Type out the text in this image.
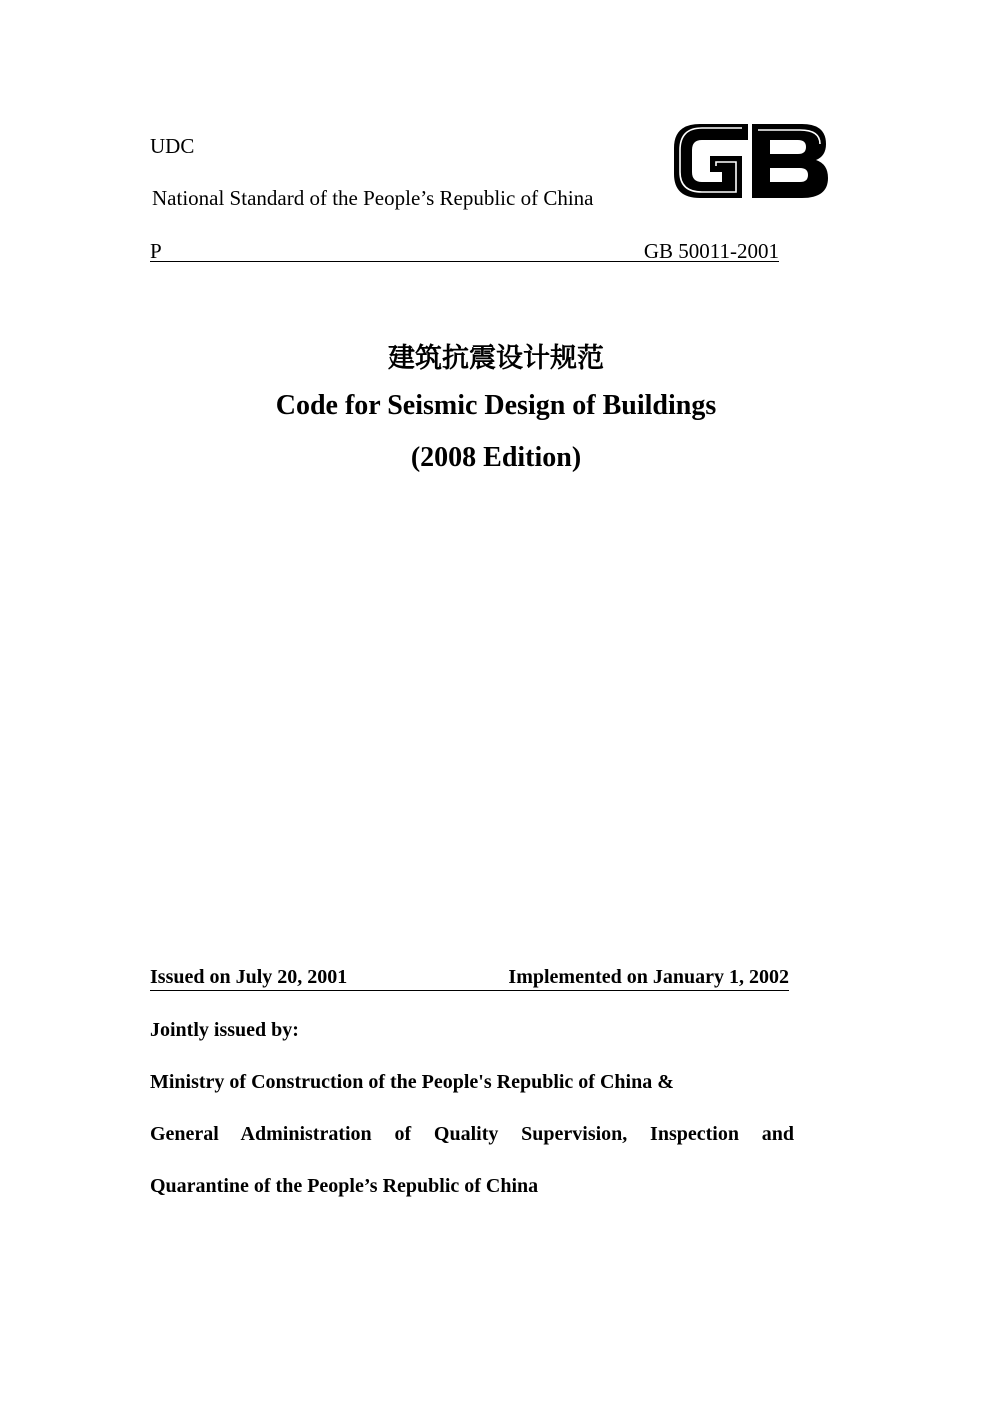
UDC
National Standard of the People’s Republic of China
P	GB 50011-2001
建筑抗震设计规范
Code for Seismic Design of Buildings
(2008 Edition)
Issued on July 20, 2001	Implemented on January 1, 2002
Jointly issued by:
Ministry of Construction of the People's Republic of China &
General Administration of Quality Supervision, Inspection and
Quarantine of the People’s Republic of China
